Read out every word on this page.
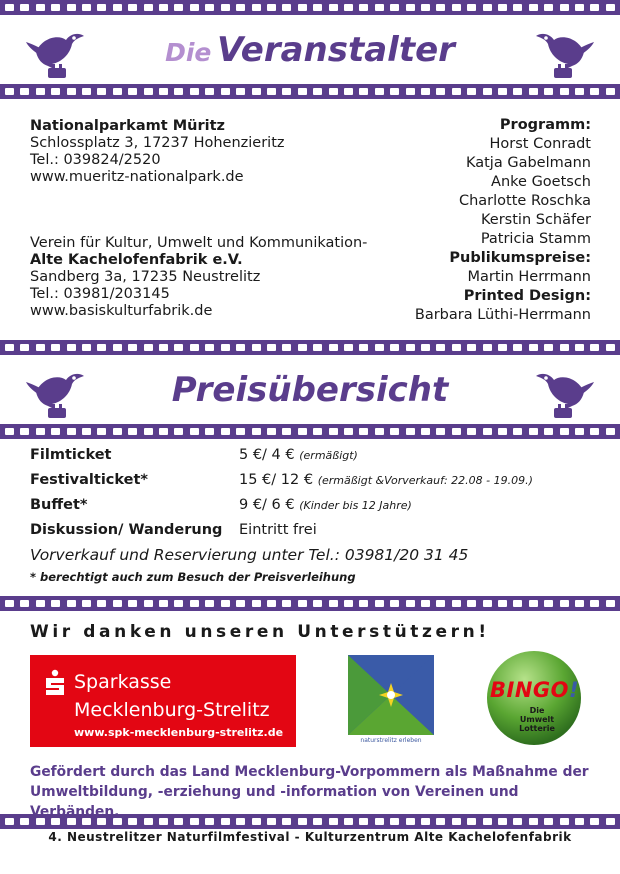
Die Veranstalter
Nationalparkamt Müritz
Schlossplatz 3, 17237 Hohenzieritz
Tel.: 039824/2520
www.mueritz-nationalpark.de
Verein für Kultur, Umwelt und Kommunikation-
Alte Kachelofenfabrik e.V.
Sandberg 3a, 17235 Neustrelitz
Tel.: 03981/203145
www.basiskulturfabrik.de
Programm:
Horst Conradt
Katja Gabelmann
Anke Goetsch
Charlotte Roschka
Kerstin Schäfer
Patricia Stamm
Publikumspreise:
Martin Herrmann
Printed Design:
Barbara Lüthi-Herrmann
Preisübersicht
Filmticket	5 €/ 4 € (ermäßigt)
Festivalticket*	15 €/ 12 € (ermäßigt &Vorverkauf: 22.08 - 19.09.)
Buffet*	9 €/ 6 € (Kinder bis 12 Jahre)
Diskussion/ Wanderung Eintritt frei
Vorverkauf und Reservierung unter Tel.: 03981/20 31 45
* berechtigt auch zum Besuch der Preisverleihung
Wir danken unseren Unterstützern!
Sparkasse
Mecklenburg-Strelitz
www.spk-mecklenburg-strelitz.de
naturstrelitz erleben
BINGO!
Die
Umwelt
Lotterie
Gefördert durch das Land Mecklenburg-Vorpommern als Maßnahme der Umweltbildung, -erziehung und -information von Vereinen und Verbänden.
4. Neustrelitzer Naturfilmfestival - Kulturzentrum Alte Kachelofenfabrik
